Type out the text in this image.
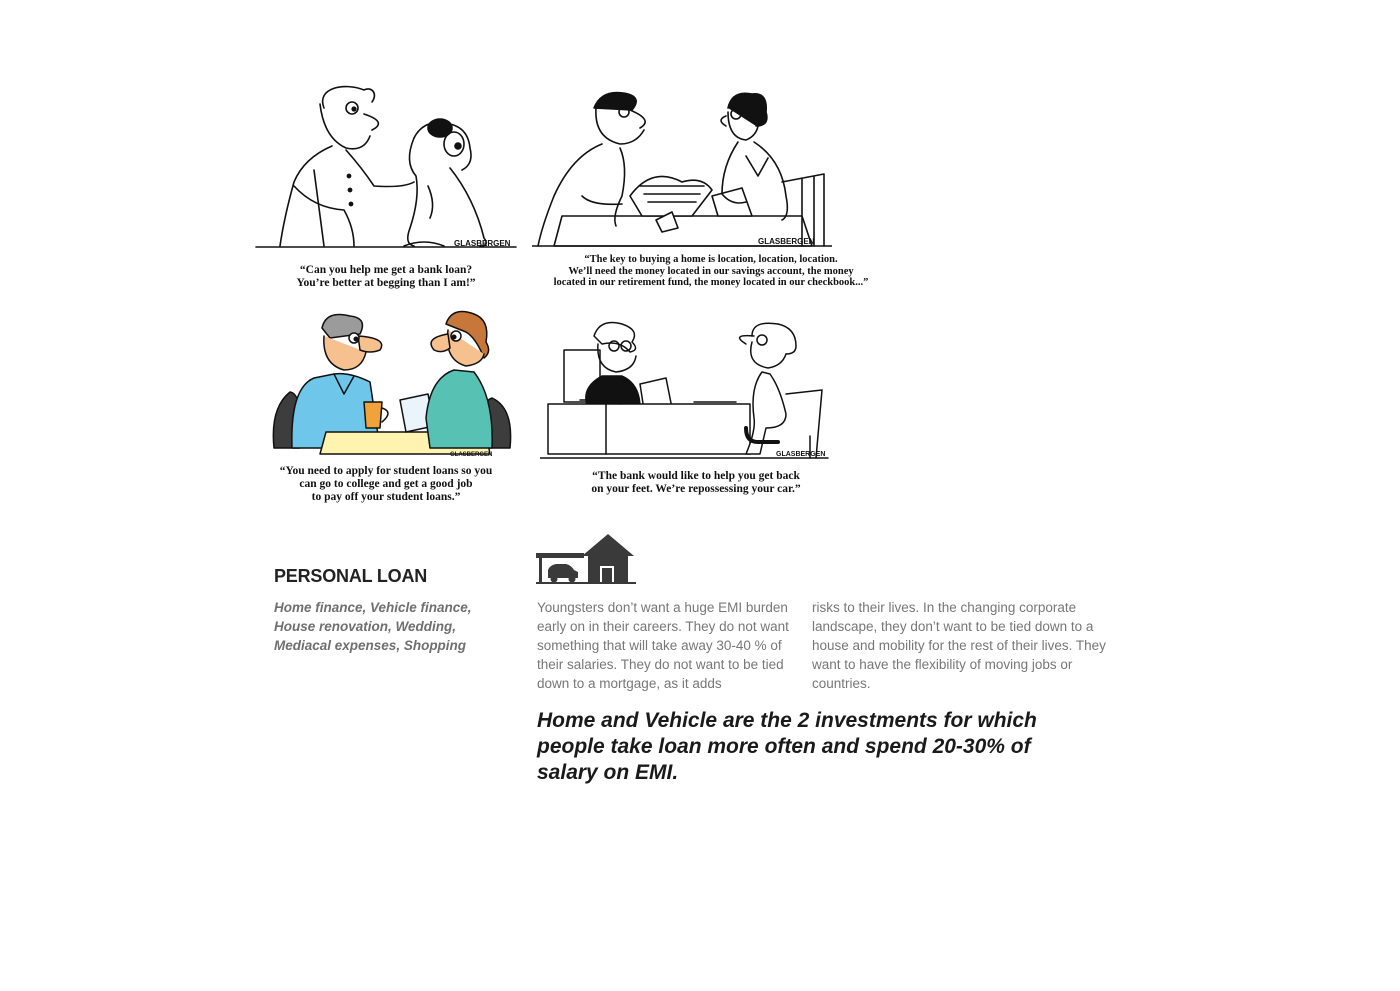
GLASBERGEN
“Can you help me get a bank loan?
You’re better at begging than I am!”
GLASBERGEN
“The key to buying a home is location, location, location.
We’ll need the money located in our savings account, the money
located in our retirement fund, the money located in our checkbook...”
GLASBERGEN
“You need to apply for student loans so you
can go to college and get a good job
to pay off your student loans.”
GLASBERGEN
“The bank would like to help you get back
on your feet. We’re repossessing your car.”
PERSONAL LOAN
Home finance, Vehicle finance, House renovation, Wedding, Mediacal expenses, Shopping
Youngsters don’t want a huge EMI burden early on in their careers. They do not want something that will take away 30-40 % of their salaries. They do not want to be tied down to a mortgage, as it adds
risks to their lives. In the changing corporate landscape, they don’t want to be tied down to a house and mobility for the rest of their lives. They want to have the flexibility of moving jobs or countries.
Home and Vehicle are the 2 investments for which people take loan more often and spend 20-30% of salary on EMI.
